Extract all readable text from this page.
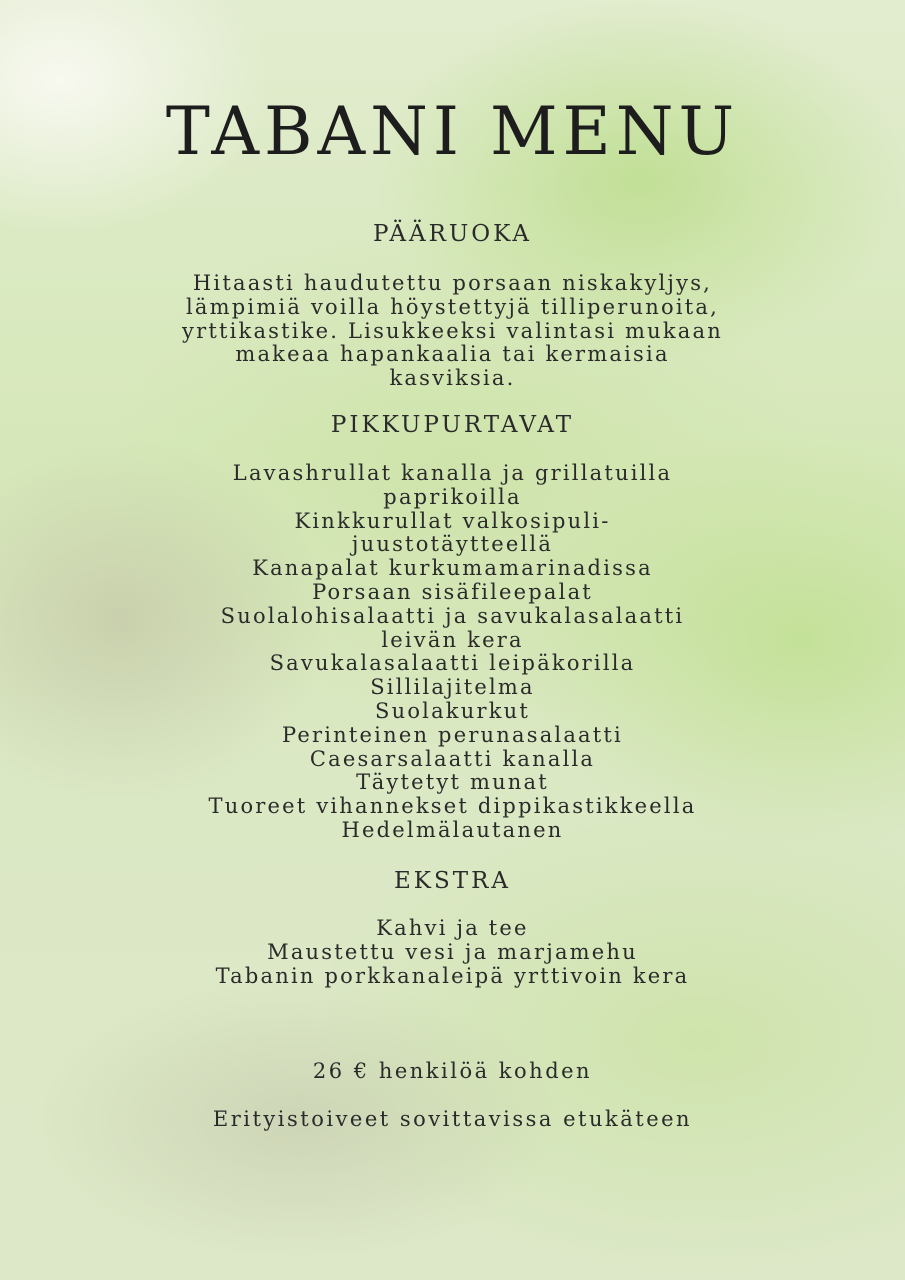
TABANI MENU
PÄÄRUOKA

Hitaasti haudutettu porsaan niskakyljys, lämpimiä voilla höystettyjä tilliperunoita, yrttikastike. Lisukkeeksi valintasi mukaan makeaa hapankaalia tai kermaisia kasviksia.

PIKKUPURTAVAT
Lavashrullat kanalla ja grillatuilla paprikoilla
Kinkkurullat valkosipuli-juustotäytteellä
Kanapalat kurkumamarinadissa
Porsaan sisäfileepalat
Suolalohisalaatti ja savukalasalaatti leivän kera
Savukalasalaatti leipäkorilla
Sillilajitelma
Suolakurkut
Perinteinen perunasalaatti
Caesarsalaatti kanalla
Täytetyt munat
Tuoreet vihannekset dippikastikkeella
Hedelmälautanen
EKSTRA
Kahvi ja tee
Maustettu vesi ja marjamehu
Tabanin porkkanaleipä yrttivoin kera

26 € henkilöä kohden

Erityistoiveet sovittavissa etukäteen
